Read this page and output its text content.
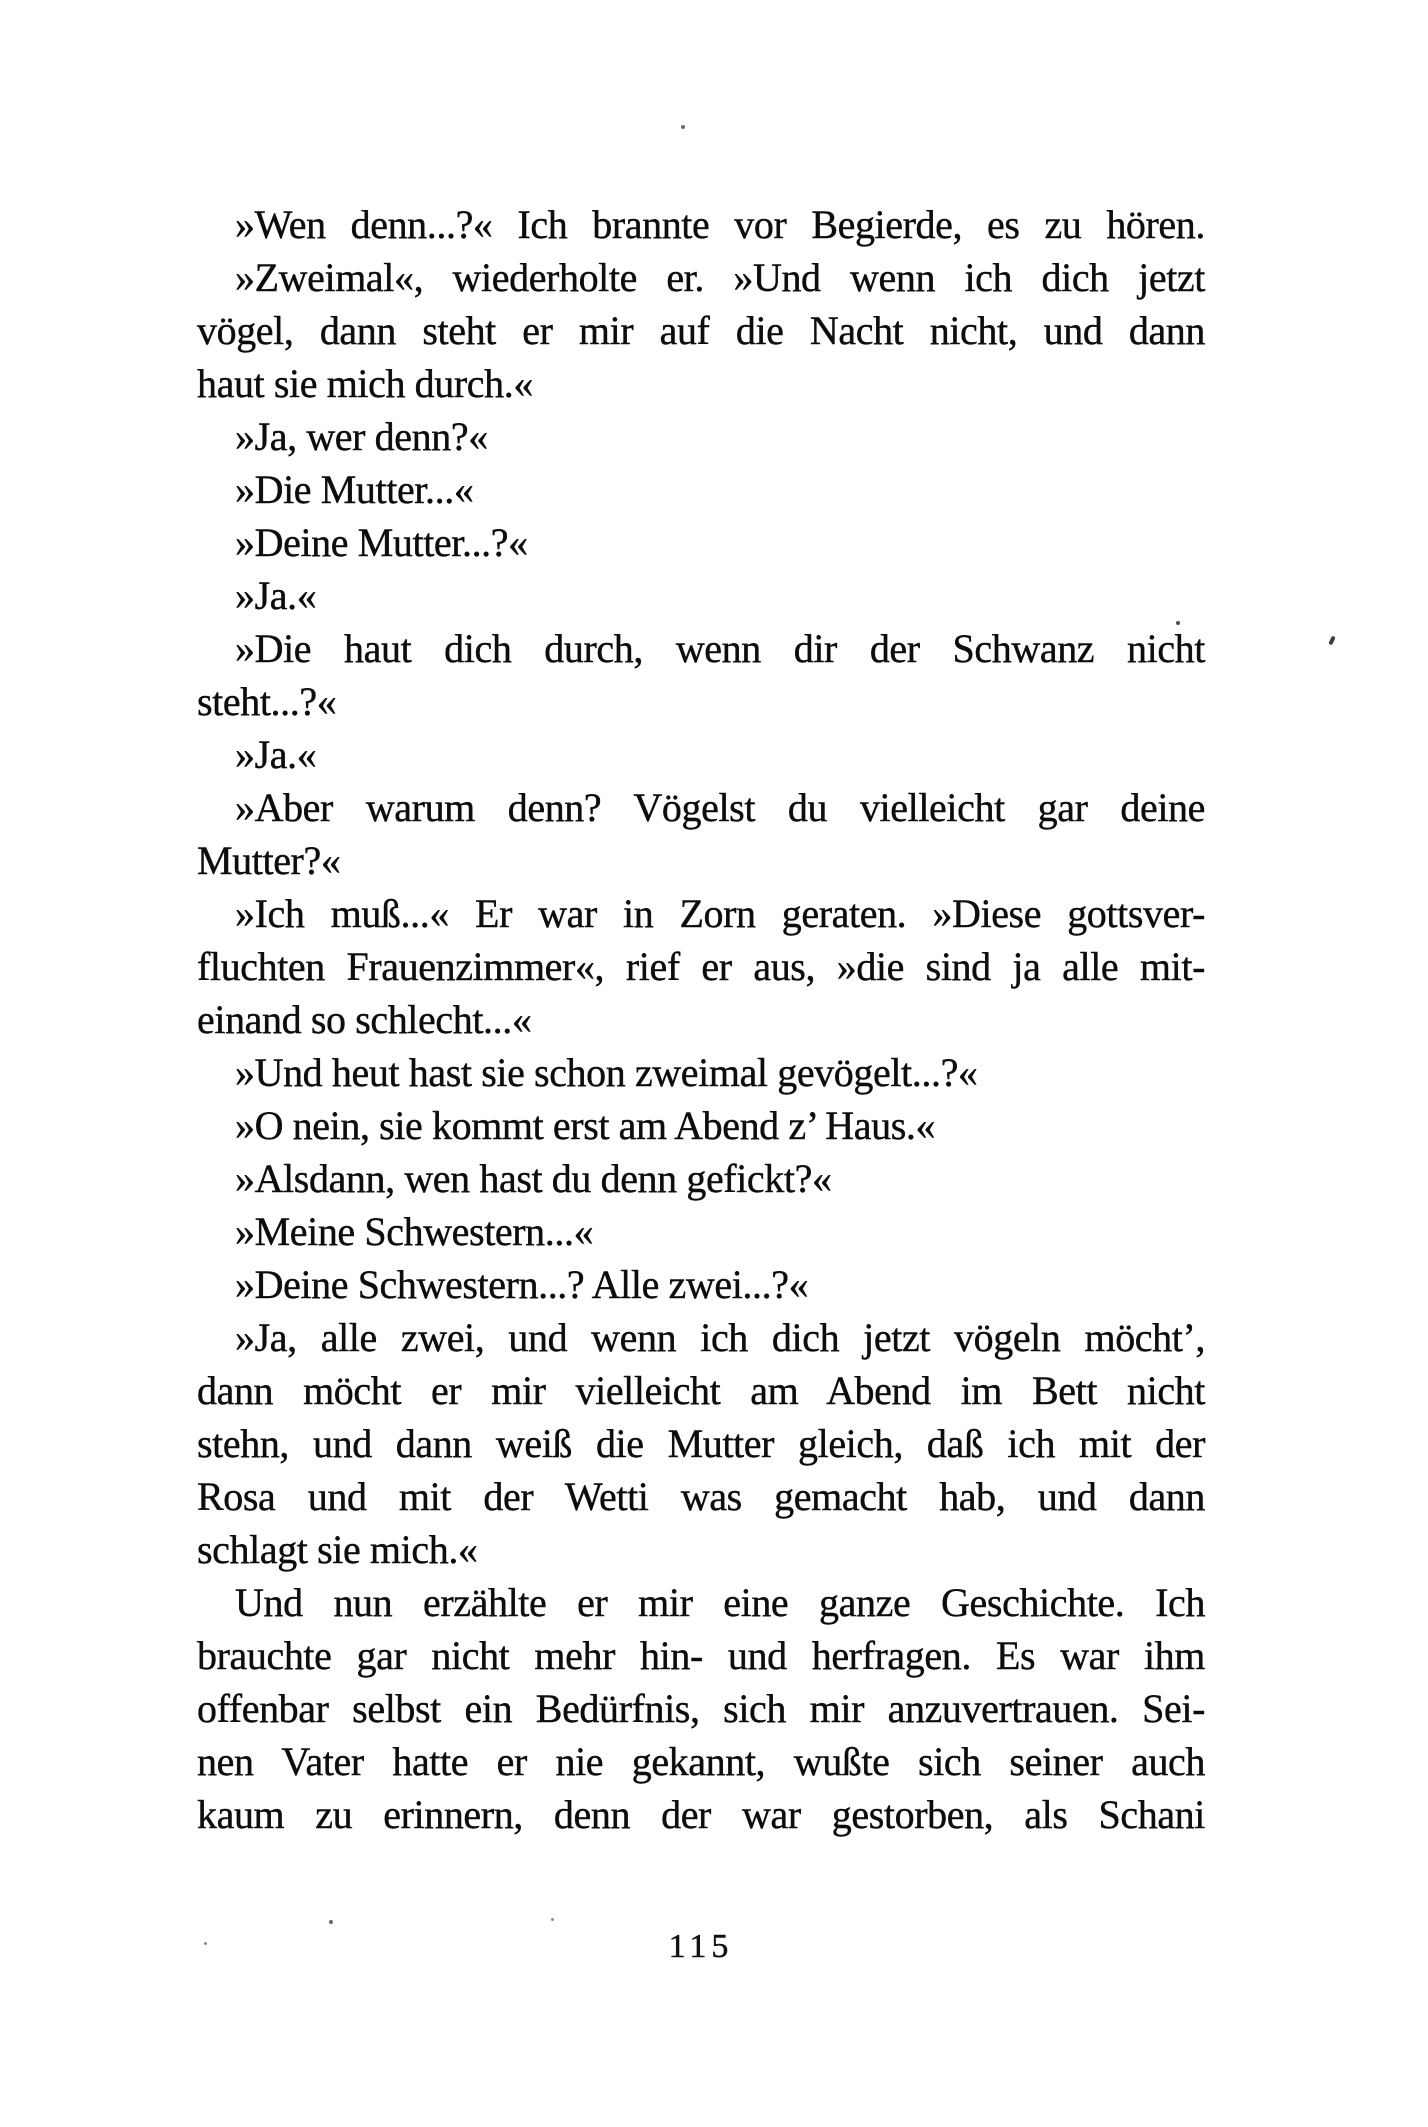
»Wen denn...?« Ich brannte vor Begierde, es zu hören.
»Zweimal«, wiederholte er. »Und wenn ich dich jetzt
vögel, dann steht er mir auf die Nacht nicht, und dann
haut sie mich durch.«
»Ja, wer denn?«
»Die Mutter...«
»Deine Mutter...?«
»Ja.«
»Die haut dich durch, wenn dir der Schwanz nicht
steht...?«
»Ja.«
»Aber warum denn? Vögelst du vielleicht gar deine
Mutter?«
»Ich muß...« Er war in Zorn geraten. »Diese gottsver-
fluchten Frauenzimmer«, rief er aus, »die sind ja alle mit-
einand so schlecht...«
»Und heut hast sie schon zweimal gevögelt...?«
»O nein, sie kommt erst am Abend z’ Haus.«
»Alsdann, wen hast du denn gefickt?«
»Meine Schwestern...«
»Deine Schwestern...? Alle zwei...?«
»Ja, alle zwei, und wenn ich dich jetzt vögeln möcht’,
dann möcht er mir vielleicht am Abend im Bett nicht
stehn, und dann weiß die Mutter gleich, daß ich mit der
Rosa und mit der Wetti was gemacht hab, und dann
schlagt sie mich.«
Und nun erzählte er mir eine ganze Geschichte. Ich
brauchte gar nicht mehr hin- und herfragen. Es war ihm
offenbar selbst ein Bedürfnis, sich mir anzuvertrauen. Sei-
nen Vater hatte er nie gekannt, wußte sich seiner auch
kaum zu erinnern, denn der war gestorben, als Schani
115
